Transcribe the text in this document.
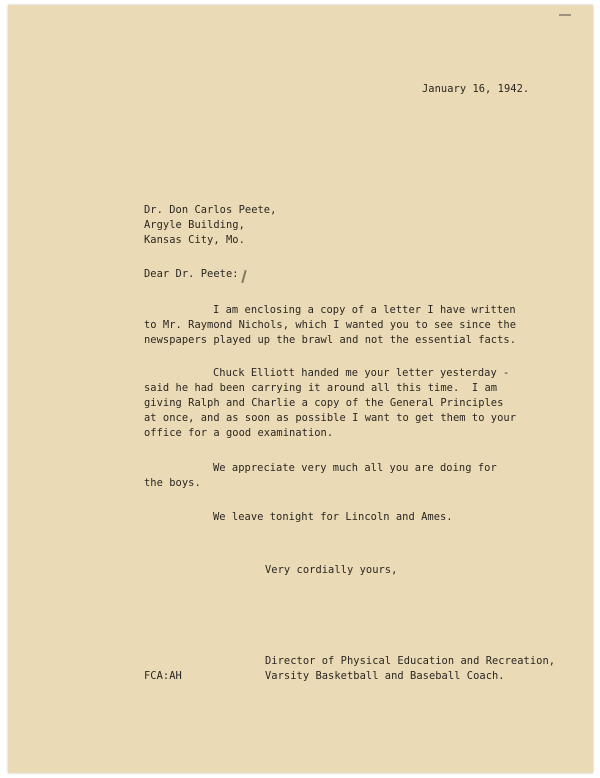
January 16, 1942.

Dr. Don Carlos Peete,

Argyle Building,

Kansas City, Mo.

Dear Dr. Peete:

I am enclosing a copy of a letter I have written

to Mr. Raymond Nichols, which I wanted you to see since the

newspapers played up the brawl and not the essential facts.

Chuck Elliott handed me your letter yesterday -

said he had been carrying it around all this time.  I am

giving Ralph and Charlie a copy of the General Principles

at once, and as soon as possible I want to get them to your

office for a good examination.

We appreciate very much all you are doing for

the boys.

We leave tonight for Lincoln and Ames.

Very cordially yours,

Director of Physical Education and Recreation,

Varsity Basketball and Baseball Coach.

FCA:AH
